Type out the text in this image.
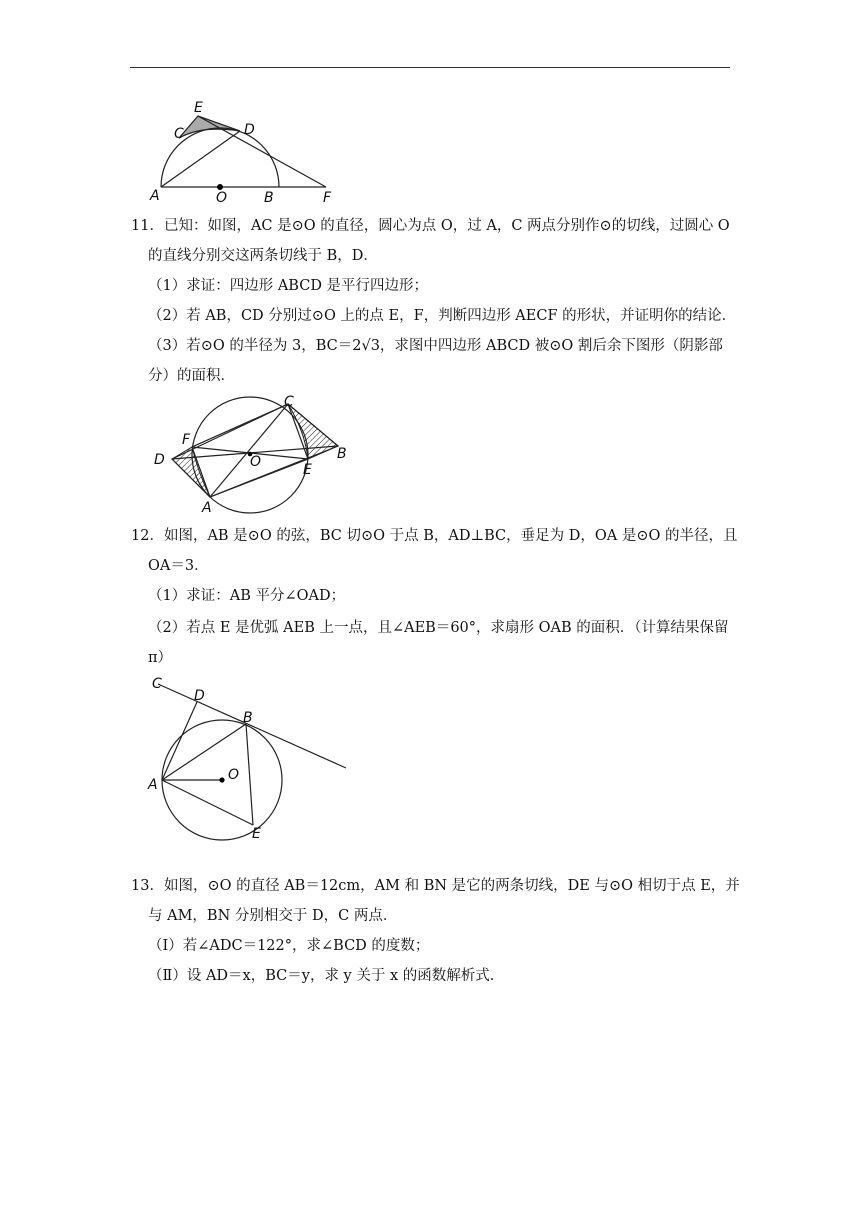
E
C	D
A	O	B	F
11．已知：如图，AC 是⊙O 的直径，圆心为点 O，过 A，C 两点分别作⊙的切线，过圆心 O
的直线分别交这两条切线于 B，D．
（1）求证：四边形 ABCD 是平行四边形；
（2）若 AB，CD 分别过⊙O 上的点 E，F，判断四边形 AECF 的形状，并证明你的结论．
（3）若⊙O 的半径为 3，BC＝2√3，求图中四边形 ABCD 被⊙O 割后余下图形（阴影部
分）的面积．
C
F
D	O	B
E
A
12．如图，AB 是⊙O 的弦，BC 切⊙O 于点 B，AD⊥BC，垂足为 D，OA 是⊙O 的半径，且
OA＝3．
（1）求证：AB 平分∠OAD；
（2）若点 E 是优弧 AEB 上一点，且∠AEB＝60°，求扇形 OAB 的面积．（计算结果保留
π）
C
D
B
O
A
E
13．如图，⊙O 的直径 AB＝12cm，AM 和 BN 是它的两条切线，DE 与⊙O 相切于点 E，并
与 AM，BN 分别相交于 D，C 两点．
（Ⅰ）若∠ADC＝122°，求∠BCD 的度数；
（Ⅱ）设 AD＝x，BC＝y，求 y 关于 x 的函数解析式．
